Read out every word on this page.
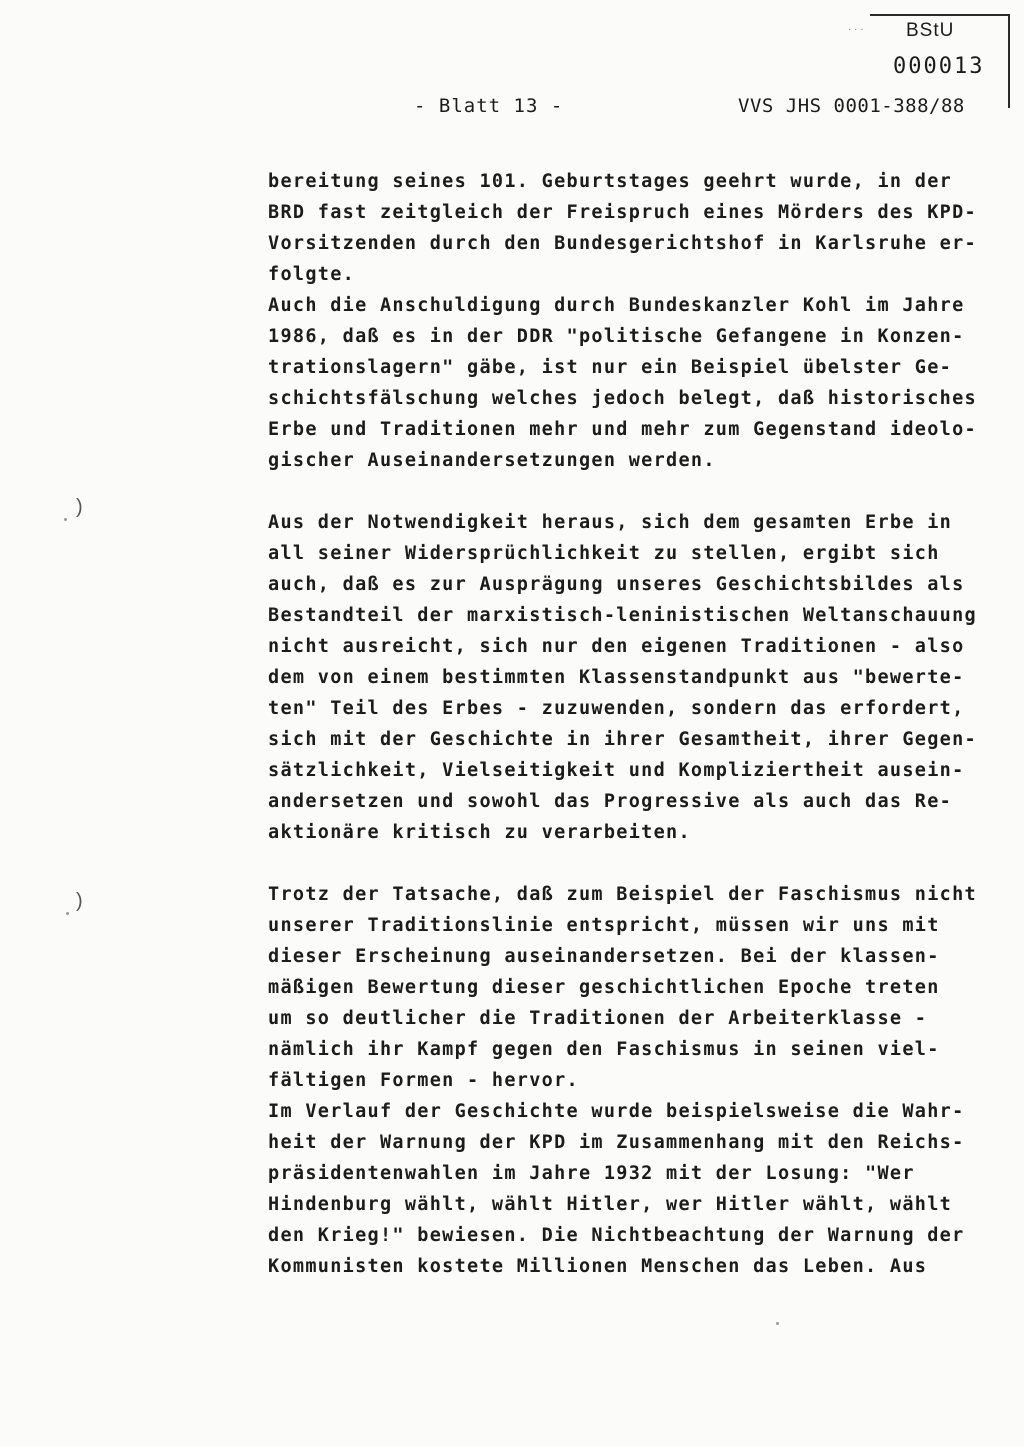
· · · BStU
000013
- Blatt 13 -	VVS JHS 0001-388/88
)
)
bereitung seines 101. Geburtstages geehrt wurde, in der
BRD fast zeitgleich der Freispruch eines Mörders des KPD-
Vorsitzenden durch den Bundesgerichtshof in Karlsruhe er-
folgte.
Auch die Anschuldigung durch Bundeskanzler Kohl im Jahre
1986, daß es in der DDR "politische Gefangene in Konzen-
trationslagern" gäbe, ist nur ein Beispiel übelster Ge-
schichtsfälschung welches jedoch belegt, daß historisches
Erbe und Traditionen mehr und mehr zum Gegenstand ideolo-
gischer Auseinandersetzungen werden.
Aus der Notwendigkeit heraus, sich dem gesamten Erbe in
all seiner Widersprüchlichkeit zu stellen, ergibt sich
auch, daß es zur Ausprägung unseres Geschichtsbildes als
Bestandteil der marxistisch-leninistischen Weltanschauung
nicht ausreicht, sich nur den eigenen Traditionen - also
dem von einem bestimmten Klassenstandpunkt aus "bewerte-
ten" Teil des Erbes - zuzuwenden, sondern das erfordert,
sich mit der Geschichte in ihrer Gesamtheit, ihrer Gegen-
sätzlichkeit, Vielseitigkeit und Kompliziertheit ausein-
andersetzen und sowohl das Progressive als auch das Re-
aktionäre kritisch zu verarbeiten.
Trotz der Tatsache, daß zum Beispiel der Faschismus nicht
unserer Traditionslinie entspricht, müssen wir uns mit
dieser Erscheinung auseinandersetzen. Bei der klassen-
mäßigen Bewertung dieser geschichtlichen Epoche treten
um so deutlicher die Traditionen der Arbeiterklasse -
nämlich ihr Kampf gegen den Faschismus in seinen viel-
fältigen Formen - hervor.
Im Verlauf der Geschichte wurde beispielsweise die Wahr-
heit der Warnung der KPD im Zusammenhang mit den Reichs-
präsidentenwahlen im Jahre 1932 mit der Losung: "Wer
Hindenburg wählt, wählt Hitler, wer Hitler wählt, wählt
den Krieg!" bewiesen. Die Nichtbeachtung der Warnung der
Kommunisten kostete Millionen Menschen das Leben. Aus
